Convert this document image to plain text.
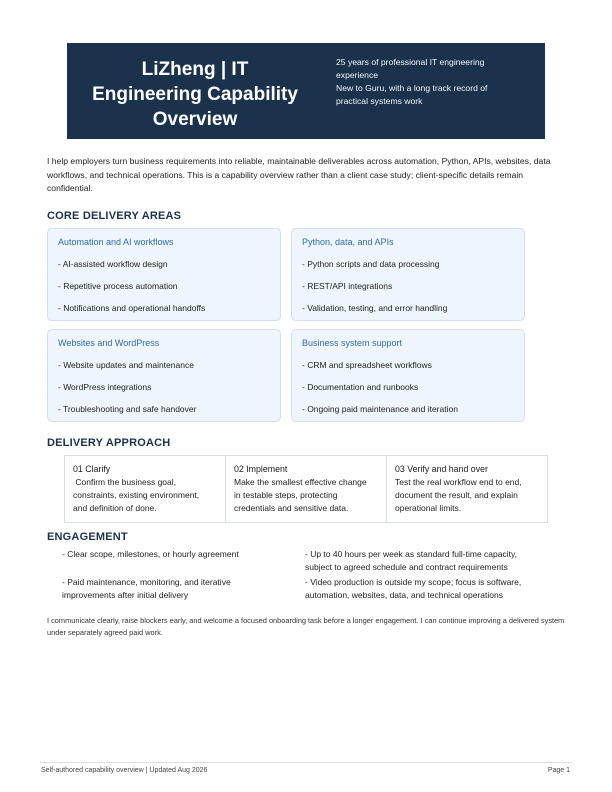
LiZheng | IT
Engineering Capability
Overview
25 years of professional IT engineering
experience
New to Guru, with a long track record of
practical systems work
I help employers turn business requirements into reliable, maintainable deliverables across automation, Python, APIs, websites, data workflows, and technical operations. This is a capability overview rather than a client case study; client-specific details remain confidential.
CORE DELIVERY AREAS
Automation and AI workflows
- AI-assisted workflow design
- Repetitive process automation
- Notifications and operational handoffs
Python, data, and APIs
- Python scripts and data processing
- REST/API integrations
- Validation, testing, and error handling
Websites and WordPress
- Website updates and maintenance
- WordPress integrations
- Troubleshooting and safe handover
Business system support
- CRM and spreadsheet workflows
- Documentation and runbooks
- Ongoing paid maintenance and iteration
DELIVERY APPROACH
01 Clarify
Confirm the business goal,
constraints, existing environment,
and definition of done.
02 Implement
Make the smallest effective change
in testable steps, protecting
credentials and sensitive data.
03 Verify and hand over
Test the real workflow end to end,
document the result, and explain
operational limits.
ENGAGEMENT
- Clear scope, milestones, or hourly agreement	- Up to 40 hours per week as standard full-time capacity,
subject to agreed schedule and contract requirements
- Paid maintenance, monitoring, and iterative
improvements after initial delivery
- Video production is outside my scope; focus is software,
automation, websites, data, and technical operations
I communicate clearly, raise blockers early, and welcome a focused onboarding task before a longer engagement. I can continue improving a delivered system under separately agreed paid work.
Self-authored capability overview | Updated Aug 2026	Page 1
